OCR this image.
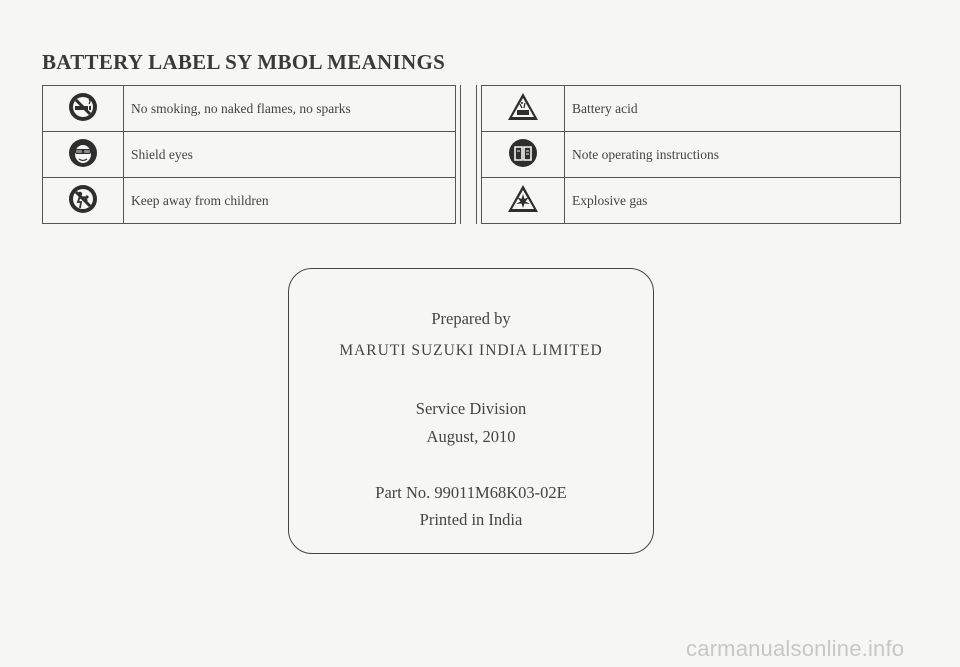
BATTERY LABEL SY MBOL MEANINGS
	No smoking, no naked flames, no sparks
	Shield eyes
	Keep away from children
	Battery acid
	Note operating instructions
	Explosive gas
Prepared by
MARUTI SUZUKI INDIA LIMITED
Service Division
August, 2010
Part No. 99011M68K03-02E
Printed in India
carmanualsonline.info
